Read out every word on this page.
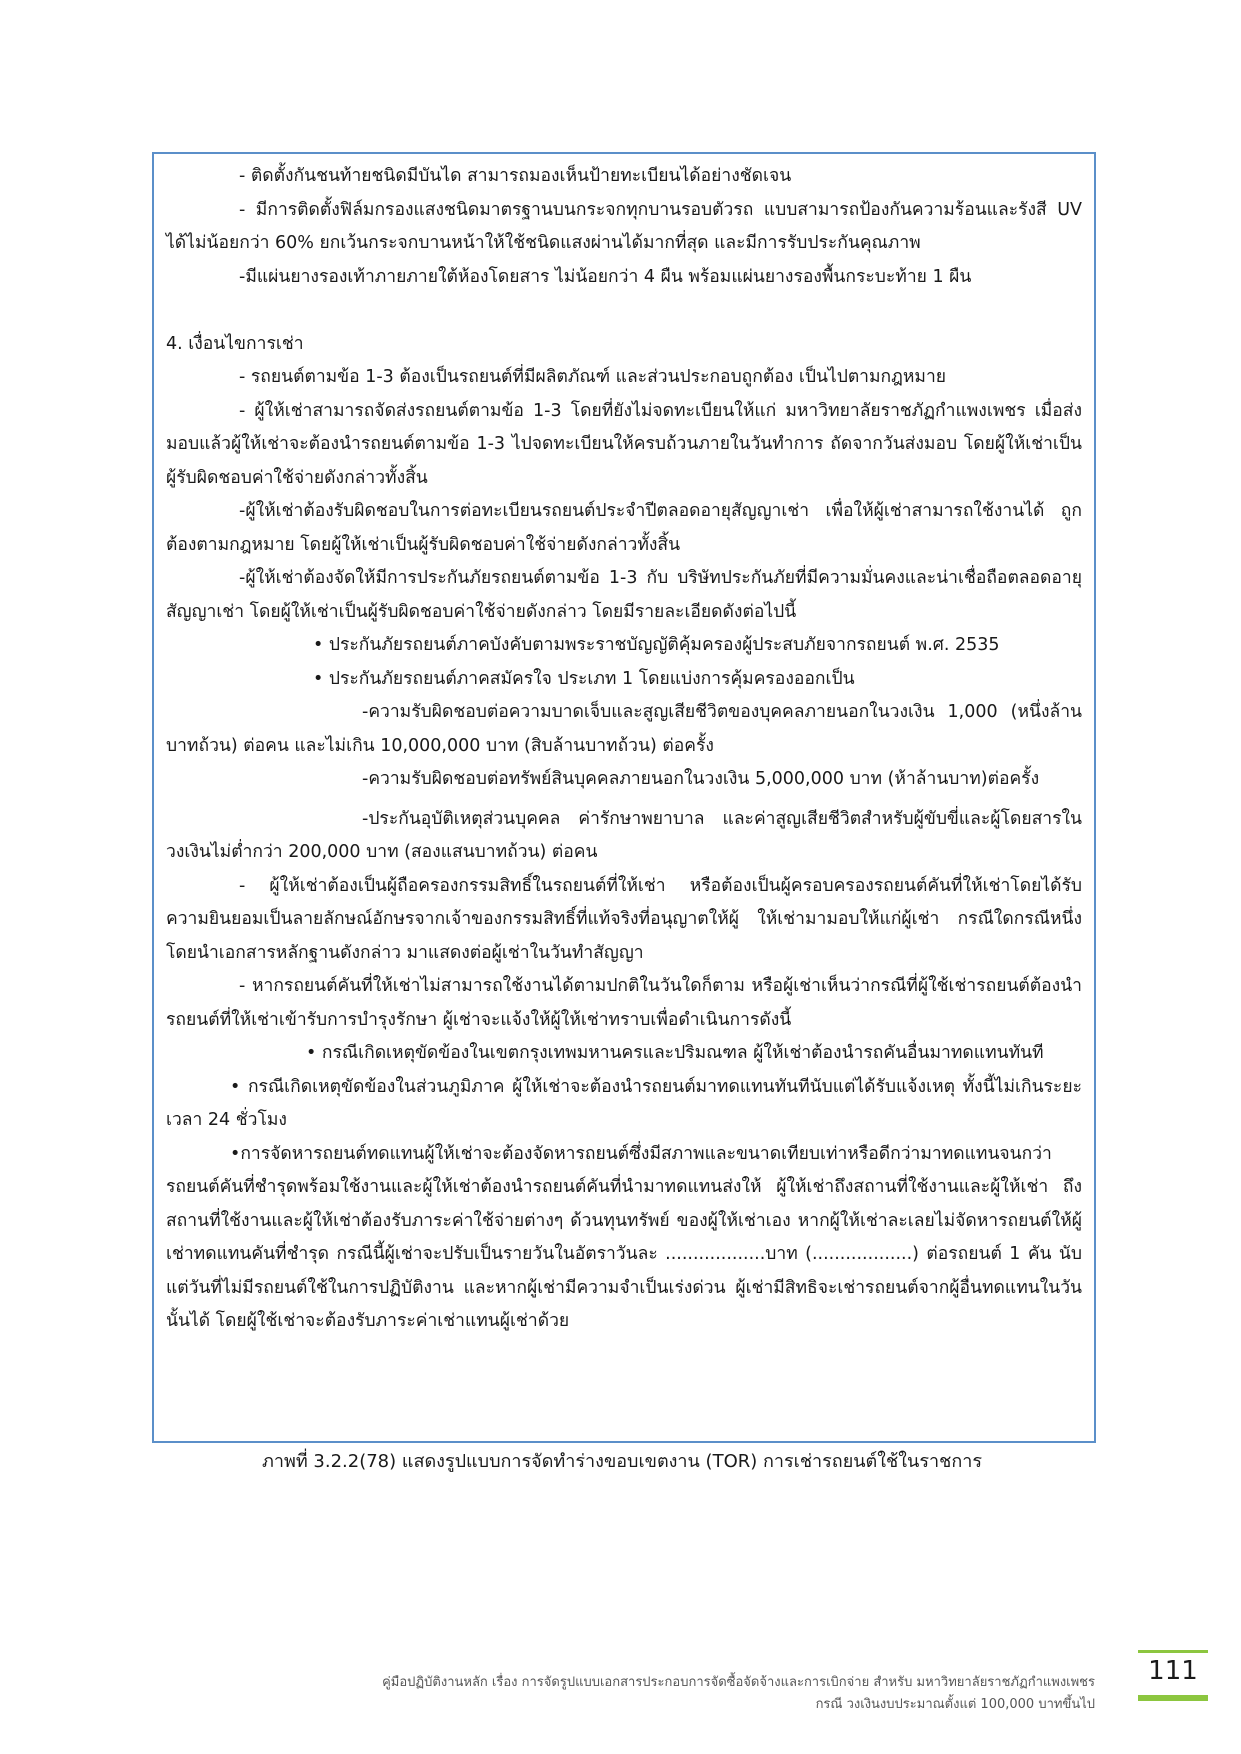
- ติดตั้งกันชนท้ายชนิดมีบันได สามารถมองเห็นป้ายทะเบียนได้อย่างชัดเจน

- มีการติดตั้งฟิล์มกรองแสงชนิดมาตรฐานบนกระจกทุกบานรอบตัวรถ แบบสามารถป้องกันความร้อนและรังสี UV ได้ไม่น้อยกว่า 60% ยกเว้นกระจกบานหน้าให้ใช้ชนิดแสงผ่านได้มากที่สุด และมีการรับประกันคุณภาพ

-มีแผ่นยางรองเท้าภายภายใต้ห้องโดยสาร ไม่น้อยกว่า 4 ผืน พร้อมแผ่นยางรองพื้นกระบะท้าย 1 ผืน

4. เงื่อนไขการเช่า

- รถยนต์ตามข้อ 1-3 ต้องเป็นรถยนต์ที่มีผลิตภัณฑ์ และส่วนประกอบถูกต้อง เป็นไปตามกฎหมาย

- ผู้ให้เช่าสามารถจัดส่งรถยนต์ตามข้อ 1-3 โดยที่ยังไม่จดทะเบียนให้แก่ มหาวิทยาลัยราชภัฏกำแพงเพชร เมื่อส่งมอบแล้วผู้ให้เช่าจะต้องนำรถยนต์ตามข้อ 1-3 ไปจดทะเบียนให้ครบถ้วนภายในวันทำการ ถัดจากวันส่งมอบ โดยผู้ให้เช่าเป็นผู้รับผิดชอบค่าใช้จ่ายดังกล่าวทั้งสิ้น

-ผู้ให้เช่าต้องรับผิดชอบในการต่อทะเบียนรถยนต์ประจำปีตลอดอายุสัญญาเช่า เพื่อให้ผู้เช่าสามารถใช้งานได้ ถูกต้องตามกฎหมาย โดยผู้ให้เช่าเป็นผู้รับผิดชอบค่าใช้จ่ายดังกล่าวทั้งสิ้น

-ผู้ให้เช่าต้องจัดให้มีการประกันภัยรถยนต์ตามข้อ 1-3 กับ บริษัทประกันภัยที่มีความมั่นคงและน่าเชื่อถือตลอดอายุสัญญาเช่า โดยผู้ให้เช่าเป็นผู้รับผิดชอบค่าใช้จ่ายดังกล่าว โดยมีรายละเอียดดังต่อไปนี้

• ประกันภัยรถยนต์ภาคบังคับตามพระราชบัญญัติคุ้มครองผู้ประสบภัยจากรถยนต์ พ.ศ. 2535

• ประกันภัยรถยนต์ภาคสมัครใจ ประเภท 1 โดยแบ่งการคุ้มครองออกเป็น

-ความรับผิดชอบต่อความบาดเจ็บและสูญเสียชีวิตของบุคคลภายนอกในวงเงิน 1,000 (หนึ่งล้านบาทถ้วน) ต่อคน และไม่เกิน 10,000,000 บาท (สิบล้านบาทถ้วน) ต่อครั้ง

-ความรับผิดชอบต่อทรัพย์สินบุคคลภายนอกในวงเงิน 5,000,000 บาท (ห้าล้านบาท)ต่อครั้ง

-ประกันอุบัติเหตุส่วนบุคคล ค่ารักษาพยาบาล และค่าสูญเสียชีวิตสำหรับผู้ขับขี่และผู้โดยสารในวงเงินไม่ต่ำกว่า 200,000 บาท (สองแสนบาทถ้วน) ต่อคน

- ผู้ให้เช่าต้องเป็นผู้ถือครองกรรมสิทธิ์ในรถยนต์ที่ให้เช่า หรือต้องเป็นผู้ครอบครองรถยนต์คันที่ให้เช่าโดยได้รับความยินยอมเป็นลายลักษณ์อักษรจากเจ้าของกรรมสิทธิ์ที่แท้จริงที่อนุญาตให้ผู้ ให้เช่ามามอบให้แก่ผู้เช่า กรณีใดกรณีหนึ่ง โดยนำเอกสารหลักฐานดังกล่าว มาแสดงต่อผู้เช่าในวันทำสัญญา

- หากรถยนต์คันที่ให้เช่าไม่สามารถใช้งานได้ตามปกติในวันใดก็ตาม หรือผู้เช่าเห็นว่ากรณีที่ผู้ใช้เช่ารถยนต์ต้องนำรถยนต์ที่ให้เช่าเข้ารับการบำรุงรักษา ผู้เช่าจะแจ้งให้ผู้ให้เช่าทราบเพื่อดำเนินการดังนี้

• กรณีเกิดเหตุขัดข้องในเขตกรุงเทพมหานครและปริมณฑล ผู้ให้เช่าต้องนำรถคันอื่นมาทดแทนทันที

• กรณีเกิดเหตุขัดข้องในส่วนภูมิภาค ผู้ให้เช่าจะต้องนำรถยนต์มาทดแทนทันทีนับแต่ได้รับแจ้งเหตุ ทั้งนี้ไม่เกินระยะเวลา 24 ชั่วโมง

•การจัดหารถยนต์ทดแทนผู้ให้เช่าจะต้องจัดหารถยนต์ซึ่งมีสภาพและขนาดเทียบเท่าหรือดีกว่ามาทดแทนจนกว่ารถยนต์คันที่ชำรุดพร้อมใช้งานและผู้ให้เช่าต้องนำรถยนต์คันที่นำมาทดแทนส่งให้ ผู้ให้เช่าถึงสถานที่ใช้งานและผู้ให้เช่า ถึงสถานที่ใช้งานและผู้ให้เช่าต้องรับภาระค่าใช้จ่ายต่างๆ ด้วนทุนทรัพย์ ของผู้ให้เช่าเอง หากผู้ให้เช่าละเลยไม่จัดหารถยนต์ให้ผู้เช่าทดแทนคันที่ชำรุด กรณีนี้ผู้เช่าจะปรับเป็นรายวันในอัตราวันละ ..................บาท (..................) ต่อรถยนต์ 1 คัน นับแต่วันที่ไม่มีรถยนต์ใช้ในการปฏิบัติงาน และหากผู้เช่ามีความจำเป็นเร่งด่วน ผู้เช่ามีสิทธิจะเช่ารถยนต์จากผู้อื่นทดแทนในวันนั้นได้ โดยผู้ใช้เช่าจะต้องรับภาระค่าเช่าแทนผู้เช่าด้วย

ภาพที่ 3.2.2(78) แสดงรูปแบบการจัดทำร่างขอบเขตงาน (TOR) การเช่ารถยนต์ใช้ในราชการ
111
คู่มือปฏิบัติงานหลัก เรื่อง การจัดรูปแบบเอกสารประกอบการจัดซื้อจัดจ้างและการเบิกจ่าย สำหรับ มหาวิทยาลัยราชภัฏกำแพงเพชร
กรณี วงเงินงบประมาณตั้งแต่ 100,000 บาทขึ้นไป
